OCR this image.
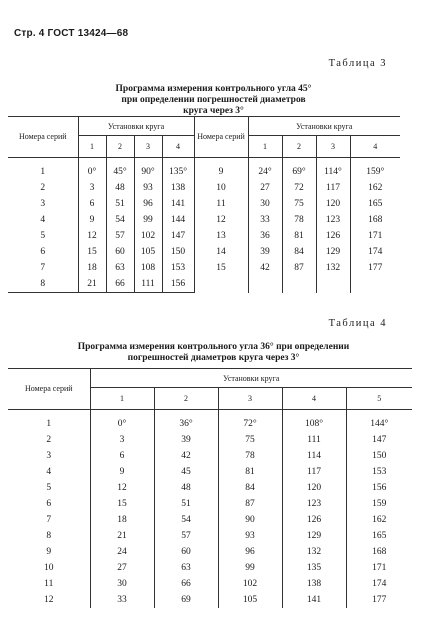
Стр. 4 ГОСТ 13424—68
Таблица 3
Программа измерения контрольного угла 45°
при определении погрешностей диаметров
круга через 3°
Номера серий	Установки круга				Номера серий	Установки круга			
	1	2	3	4		1	2	3	4
1	0°	45°	90°	135°	9	24°	69°	114°	159°
2	3	48	93	138	10	27	72	117	162
3	6	51	96	141	11	30	75	120	165
4	9	54	99	144	12	33	78	123	168
5	12	57	102	147	13	36	81	126	171
6	15	60	105	150	14	39	84	129	174
7	18	63	108	153	15	42	87	132	177
8	21	66	111	156					
Таблица 4
Программа измерения контрольного угла 36° при определении
погрешностей диаметров круга через 3°
Номера серий	Установки круга				
	1	2	3	4	5
1	0°	36°	72°	108°	144°
2	3	39	75	111	147
3	6	42	78	114	150
4	9	45	81	117	153
5	12	48	84	120	156
6	15	51	87	123	159
7	18	54	90	126	162
8	21	57	93	129	165
9	24	60	96	132	168
10	27	63	99	135	171
11	30	66	102	138	174
12	33	69	105	141	177
